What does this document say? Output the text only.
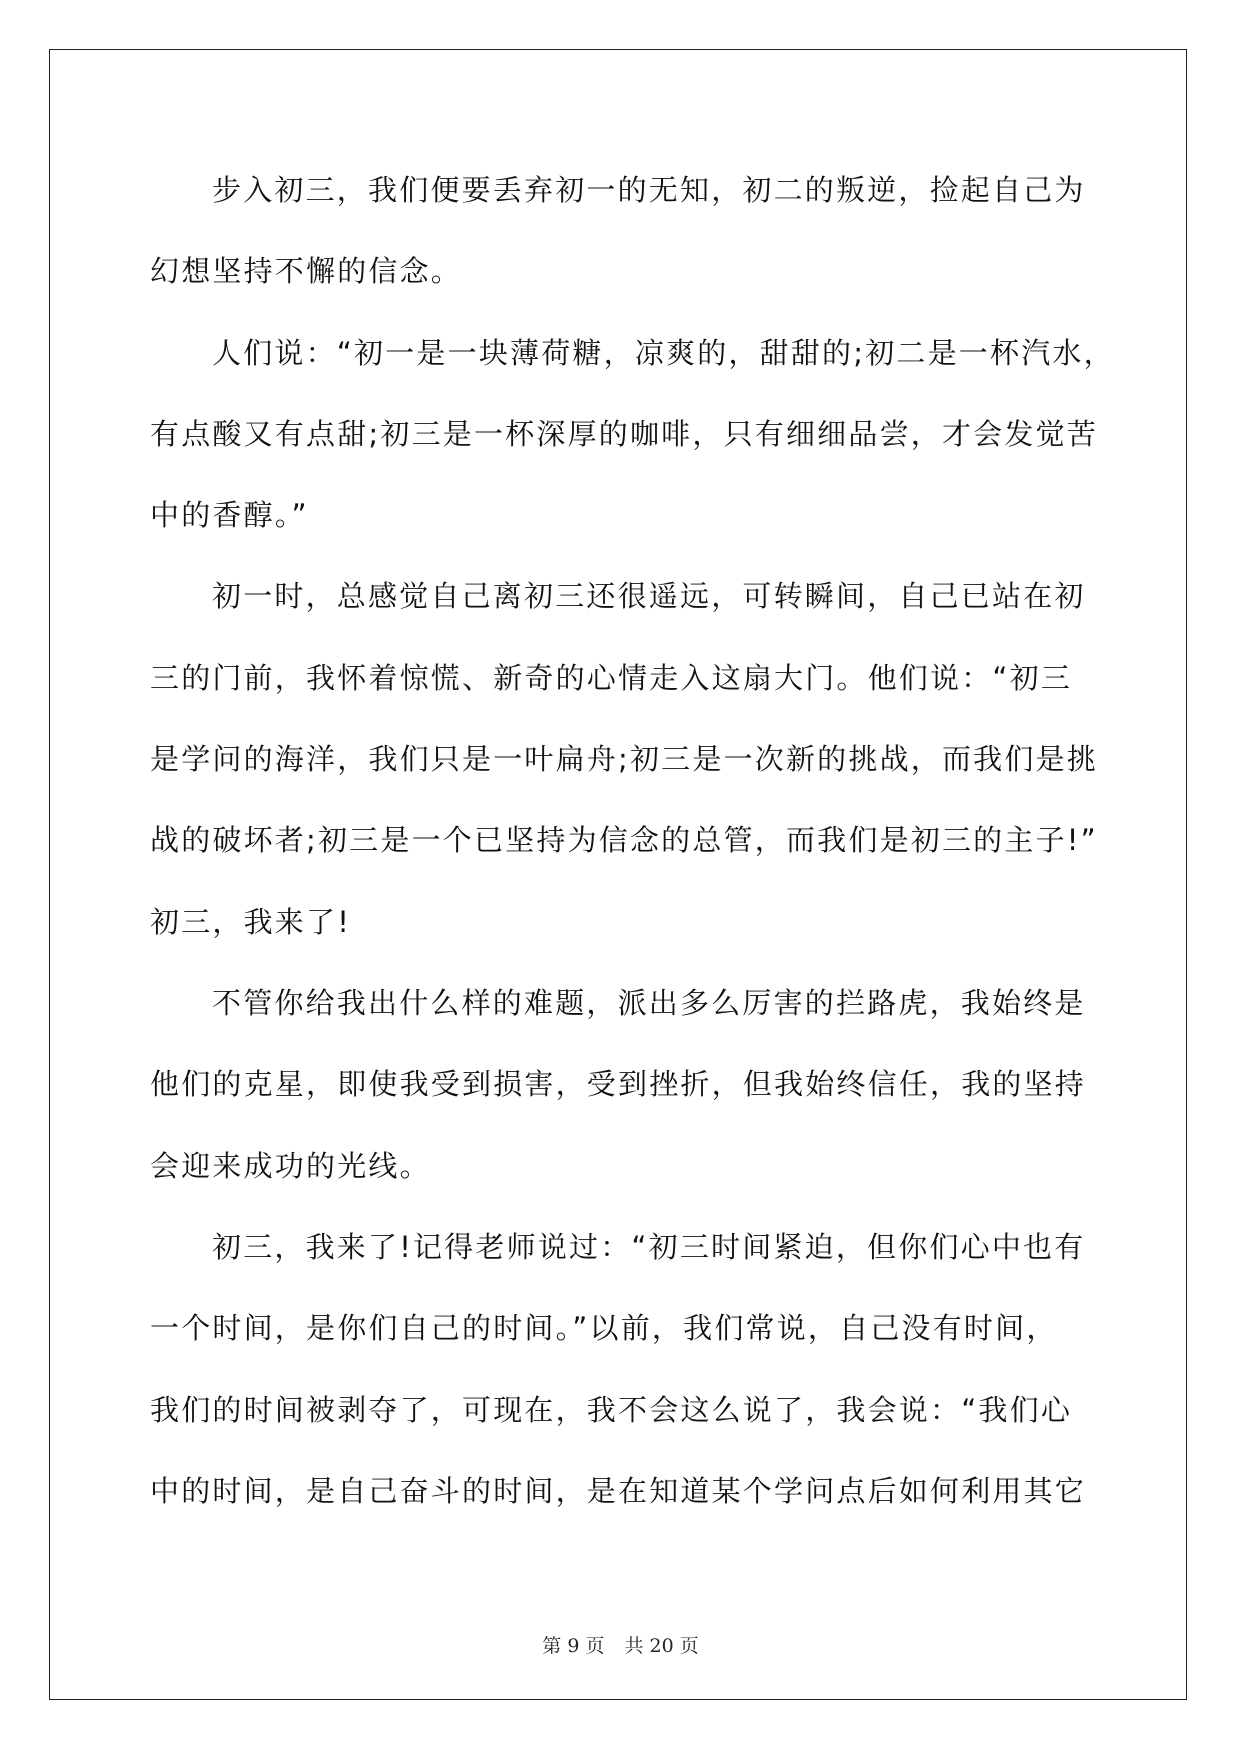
步入初三，我们便要丢弃初一的无知，初二的叛逆，捡起自己为
幻想坚持不懈的信念。
人们说：“初一是一块薄荷糖，凉爽的，甜甜的;初二是一杯汽水，
有点酸又有点甜;初三是一杯深厚的咖啡，只有细细品尝，才会发觉苦
中的香醇。”
初一时，总感觉自己离初三还很遥远，可转瞬间，自己已站在初
三的门前，我怀着惊慌、新奇的心情走入这扇大门。他们说：“初三
是学问的海洋，我们只是一叶扁舟;初三是一次新的挑战，而我们是挑
战的破坏者;初三是一个已坚持为信念的总管，而我们是初三的主子!”
初三，我来了!
不管你给我出什么样的难题，派出多么厉害的拦路虎，我始终是
他们的克星，即使我受到损害，受到挫折，但我始终信任，我的坚持
会迎来成功的光线。
初三，我来了!记得老师说过：“初三时间紧迫，但你们心中也有
一个时间，是你们自己的时间。”以前，我们常说，自己没有时间，
我们的时间被剥夺了，可现在，我不会这么说了，我会说：“我们心
中的时间，是自己奋斗的时间，是在知道某个学问点后如何利用其它
第 9 页 共 20 页
